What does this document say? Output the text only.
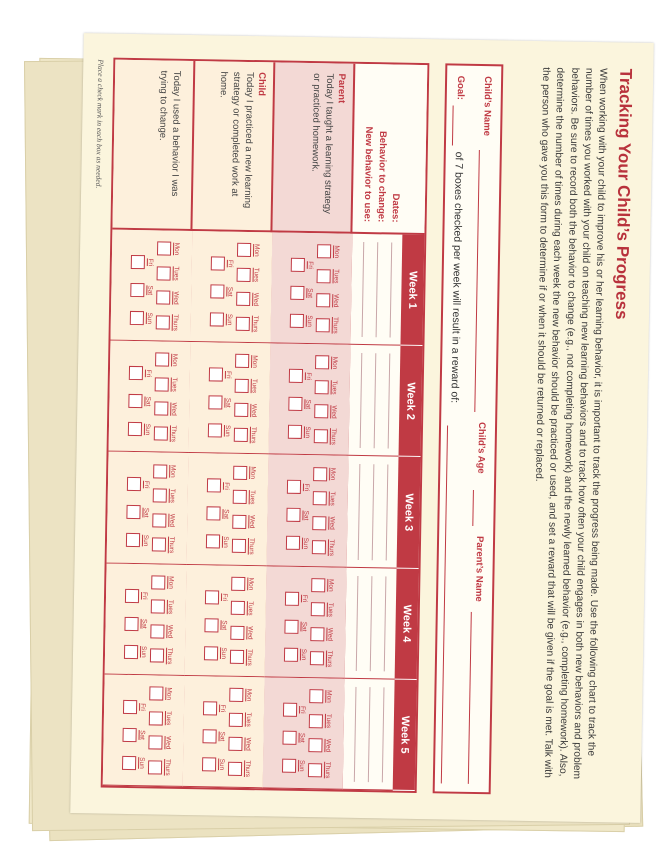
Tracking Your Child’s Progress
When working with your child to improve his or her learning behavior, it is important to track the progress being made. Use the following chart to track the number of times you worked with your child on teaching new learning behaviors and to track how often your child engages in both new behaviors and problem behaviors. Be sure to record both the behavior to change (e.g., not completing homework) and the newly learned behavior (e.g., completing homework). Also, determine the number of times during each week the new behavior should be practiced or used, and set a reward that will be given if the goal is met. Talk with the person who gave you this form to determine if or when it should be returned or replaced.
Child’s Name
Child’s Age
Parent’s Name
Goal:
of 7 boxes checked per week will result in a reward of:
Dates:
Behavior to change:
New behavior to use:
Parent
Today I taught a learning strategy or practiced homework.
Child
Today I practiced a new learning strategy or completed work at home.
Today I used a behavior I was trying to change.
Week 1
Mon
Tues
Wed
Thurs
Fri
Sat
Sun
Mon
Tues
Wed
Thurs
Fri
Sat
Sun
Mon
Tues
Wed
Thurs
Fri
Sat
Sun
Week 2
Mon
Tues
Wed
Thurs
Fri
Sat
Sun
Mon
Tues
Wed
Thurs
Fri
Sat
Sun
Mon
Tues
Wed
Thurs
Fri
Sat
Sun
Week 3
Mon
Tues
Wed
Thurs
Fri
Sat
Sun
Mon
Tues
Wed
Thurs
Fri
Sat
Sun
Mon
Tues
Wed
Thurs
Fri
Sat
Sun
Week 4
Mon
Tues
Wed
Thurs
Fri
Sat
Sun
Mon
Tues
Wed
Thurs
Fri
Sat
Sun
Mon
Tues
Wed
Thurs
Fri
Sat
Sun
Week 5
Mon
Tues
Wed
Thurs
Fri
Sat
Sun
Mon
Tues
Wed
Thurs
Fri
Sat
Sun
Mon
Tues
Wed
Thurs
Fri
Sat
Sun
Place a check mark in each box as needed.
